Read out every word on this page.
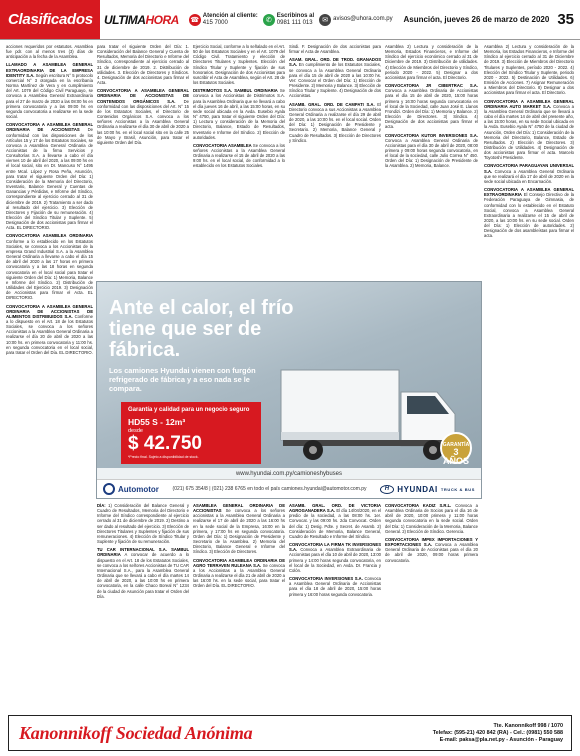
Clasificados ULTIMA HORA ☎
Atención al cliente:
415 7000	✆
Escribinos al
0981 111 013	✉ avisos@uhora.com.py Asunción, jueves 26 de marzo de 2020 35
acciones requeridos por estatutos. Asamblea fue pdr. con al menos tres (3) días de anticipación a la fecha de la Asamblea.
LLAMADO A ASAMBLEA GENERAL EXTRAORDINARIA DE LA EMPRESA IDENTITY S.A. Según escritura N° 5 protocolo comercial N° 3 otorgada en la escribanía Norma Martínez de Vera y en cumplimiento del Art. 1079 del Código Civil Paraguayo, se convoca a Asamblea General Extraordinaria para el 27 de marzo de 2020 a las 08:00 hs en primera convocatoria y a las 09:00 hs en segunda convocatoria a realizarse en la sede social.
CONVOCATORIA A ASAMBLEA GENERAL ORDINARIA DE ACCIONISTAS De conformidad con las disposiciones de los Artículos 15 y 17 de los Estatutos Sociales, se convoca a Asamblea General Ordinaria de Accionistas de la firma Servicios y Consultorías S.A. a llevarse a cabo el día viernes 10 de abril del 2020, a las 09:00 hs en el local social, sito en Dr. Mancuso N° 1495 entre Mcal. López y Rosa Peña, Asunción, para tratar el siguiente Orden del Día: 1) Consideración de la Memoria del Directorio, Inventario, Balance General y Cuentas de Ganancias y Pérdidas, e Informe del Síndico, correspondiente al ejercicio cerrado al 31 de diciembre de 2019. 2) Tratamiento a ser dado al resultado del ejercicio. 3) Elección de Directores y Fijación de su remuneración. 4) Elección del Síndico Titular y Suplente. 5) Designación de dos accionistas para firmar el Acta. EL DIRECTORIO.
CONVOCATORIA ASAMBLEA ORDINARIA Conforme a lo establecido en los Estatutos Sociales, se convoca a los Accionistas de la empresa Grand Industrial S.A. a la Asamblea General Ordinaria a llevarse a cabo el día 15 de abril del 2020 a las 17 horas en primera convocatoria y a las 18 horas en segunda convocatoria en el local social para tratar el siguiente Orden del Día: 1) Memoria, Balance e Informe del Síndico. 2) Distribución de Utilidades del Ejercicio 2019. 3) Designación de Accionistas para firmar el Acta. EL DIRECTORIO.
CONVOCATORIA A ASAMBLEA GENERAL ORDINARIA DE ACCIONISTAS DE ALIMENTOS DISTRIBUIDOS S.A. Conforme a lo dispuesto en el Art. 18 de los Estatutos Sociales, se convoca a los señores Accionistas a la Asamblea General Ordinaria a realizarse el día 20 de abril de 2020 a las 10:00 hs. en primera convocatoria y 11:00 hs. en segunda convocatoria en el local social, para tratar el Orden del Día. EL DIRECTORIO.
para tratar el siguiente Orden del Día: 1. Consideración del Balance General y Cuenta de Resultados, Memoria del Directorio e Informe del Síndico, correspondiente al ejercicio cerrado al 31 de diciembre de 2019. 2. Distribución de utilidades. 3. Elección de Directores y Síndicos. 4. Designación de dos accionistas para firmar el Acta.
CONVOCATORIA A ASAMBLEA GENERAL ORDINARIA DE ACCIONISTAS DE CONTENIDOS ORGÁNICOS S.A. De conformidad con las disposiciones del Art. N° 15 de los Estatutos Sociales, el Directorio de Contenidos Orgánicos S.A. convoca a los señores Accionistas a la Asamblea General Ordinaria a realizarse el día 30 de abril de 2020 a las 10:00 hs. en el local social sito en la calle 25 de Mayo y Brasil, Asunción, para tratar el siguiente Orden del Día.
DÍA: 1) Consideración del Balance General y Cuadro de Resultados, Memoria del Directorio e Informe del Síndico correspondiente al ejercicio cerrado al 31 de diciembre de 2019. 2) Destino a ser dado al resultado del ejercicio. 3) Elección de Directores Titulares y Suplentes y fijación de sus remuneraciones. 4) Elección de Síndico Titular y Suplente y fijación de su remuneración.
TU CAR INTERNACIONAL S.A. SAMBUL ORDINARIA A convocar de acuerdo a lo dispuesto en el Art. 18 de los Estatutos Sociales, se convoca a los señores Accionistas de TU CAR Internacional S.A., para la Asamblea General Ordinaria que se llevará a cabo el día martes 14 de abril de 2020, a las 10:00 hs en primera convocatoria, en la calle Chaco Boreal N° 1234 de la ciudad de Asunción para tratar el Orden del Día.
Ejercicio Social, conforme a lo señalado en el Art. 50 de los Estatutos Sociales y en el Art. 1079 del Código Civil. Tratamiento y elección de Directores Titulares y Suplentes. Elección del Síndico Titular y Suplente y fijación de sus honorarios. Designación de dos Accionistas para suscribir el Acta de Asamblea, según el Art. 28 de los Estatutos Sociales.
DISTRIMOTOS S.A. SAMBUL ORDINARIA Se convoca a los Accionistas de Distrimotos S.A. para la Asamblea Ordinaria que se llevará a cabo el día jueves 16 de abril, a las 15:00 horas, en su sede social ubicada en la Avda. Eusebio Ayala N° 4750, para tratar el siguiente Orden del Día: 1) Lectura y consideración de la Memoria del Directorio, Balance, Estado de Resultados, Inventario e Informe del Síndico. 2) Elección de autoridades.
CONVOCATORIA ASAMBLEA Se convoca a los señores Accionistas a la Asamblea General Ordinaria a realizarse el 15 de abril de 2020 a las 9:00 hs. en el local social, de conformidad a lo establecido en los Estatutos Sociales.
ASAMBLEA GENERAL ORDINARIA DE ACCIONISTAS Se convoca a los señores accionistas a la Asamblea General Ordinaria a realizarse el 17 de abril de 2020 a las 16:00 hs en la sede social de la Empresa, 16:00 en la primera, y 17:00 hs en segunda convocatoria. Orden del Día: 1) Designación de Presidente y Secretario de la Asamblea. 2) Memoria del Directorio, Balance General e Informe del Síndico. 3) Elección de Directores.
CONVOCATORIA ASAMBLEA ORDINARIA DE AGRO TERRAVEN RULEANA S.A. Se convoca a los Accionistas a la Asamblea General Ordinaria a realizarse el día 21 de abril de 2020 a las 16:00 hs. en la sede social, para tratar el Orden del Día. EL DIRECTORIO.
Sindi. F. Designación de dos accionistas para firmar el Acta de Asamblea.
ASAM. GRAL. ORD. DE TROD. GRANADOS S.A. En cumplimiento de los Estatutos Sociales, se convoca a la Asamblea General Ordinaria para el día 15 de abril de 2020 a las 10:00 hs. Ver: Convocar el Orden del Día: 1) Elección de Presidente. 2) Memoria y Balance. 3) Elección de Síndico Titular y Suplente. 4) Designación de dos Accionistas.
ASAMB. GRAL. ORD. DE CAMPATI S.A. El Directorio convoca a sus Accionistas a Asamblea General Ordinaria a realizarse el día 29 de abril de 2020, a las 10:00 hs. en el local social. Orden del Día: 1) Designación de Presidente y Secretario. 2) Memoria, Balance General y Cuadro de Resultados. 3) Elección de Directores y Síndico.
ASAMB. GRAL. ORD. DE VICTORIA AGROGANADERA S.A. El día 14/04/2020, en el predio de la sociedad, a las 08:00 hs. 1er. Convocat. y las 09:00 hs. 2da Convocat. Orden del día: 1) Desig. Pdte. y Secret. de Asamb. 2) Consideración de Memoria, Balance General, Cuadro de Resultado e Informe del Síndico.
CONVOCATORIA LA FIRMA TK INVERSIONES S.A. Convoca a Asamblea Extraordinaria de Accionistas para el día 10 de abril de 2020, 13:00 primera y 14:00 horas segunda convocatoria, en el local de la Sociedad, en Avda. Dr. Francia y Colón.
CONVOCATORIA INVERSIONES S.A. Convoca a Asamblea General Ordinaria de Accionistas para el día 18 de abril de 2020, 15:00 horas primera y 16:00 horas segunda convocatoria.
Asamblea 2) Lectura y consideración de la Memoria, Estados Financieros, e Informe del Síndico del ejercicio económico cerrado al 31 de Diciembre de 2019. 3) Distribución de utilidades. 4) Elección de Miembros del Directorio y Síndico, periodo 2020 - 2022. 5) Designar a dos accionistas para firmar el acta. El Directorio.
CONVOCATORIA JR CIBERTRAC S.A. Convoca a Asamblea Ordinaria de Accionistas para el día 15 de abril de 2020, 15:00 horas primera y 16:00 horas segunda convocatoria en el local de la Sociedad, calle Juan José E. Llanos Frondizi. Orden del Día: 1) Memoria y Balance. 2) Elección de Directores. 3) Síndico. 4) Designación de dos accionistas para firmar el acta.
CONVOCATORIA KUTOR INVERSIONES S.A. Convoca a Asamblea General Ordinaria de Accionistas para el día 30 de abril de 2020, 08:00 primera y 09:00 horas segunda convocatoria, en el local de la sociedad, calle Julio Correa N° 450. Orden del Día: 1) Designación de Presidente de la Asamblea. 2) Memoria, Balance.
CONVOCATORIA KADIZ S.R.L. Convoca a Asamblea Ordinaria de Socios para el día 16 de abril de 2020, 10:00 primera y 11:00 horas segunda convocatoria en la sede social. Orden del Día: 1) Consideración de la Memoria, Balance General. 2) Elección de Síndico. Gerencia.
CONVOCATORIA IMPEX IMPORTACIONES Y EXPORTACIONES S.A. Convoca a Asamblea General Ordinaria de Accionistas para el día 20 de abril de 2020, 09:00 horas primera convocatoria.
Asamblea 2) Lectura y consideración de la Memoria, los Estados Financieros, e Informe del Síndico al ejercicio cerrado al 31 de Diciembre de 2019. 3) Elección de Miembros del Directorio Titulares y Suplentes, período 2020 - 2022. 4) Elección del Síndico Titular y Suplente, periodo 2020 - 2022. 5) Destinación de Utilidades. 6) Emisión de Acciones. 7) Asignar Remuneración a Miembros del Directorio. 8) Designar a dos accionistas para firmar el acta. El Directorio.
CONVOCATORIA A ASAMBLEA GENERAL ORDINARIA AUTO MARKET S.A. Convoca a la Asamblea General Ordinaria que se llevará a cabo el día martes 14 de abril del presente año, a las 15:00 horas, en su sede Social ubicada en la Avda. Eusebio Ayala N° 4750 de la ciudad de Asunción, Orden del Día: 1) Consideración de la Memoria del Directorio, Balance, Estado de Resultados. 2) Elección de Directores. 3) Distribución de Utilidades. 4) Designación de dos accionistas para firmar el acta. Marcelo Toyotoshi Presidente.
CONVOCATORIA PARAGUAYAN UNIVERSAL S.A. Convoca a Asamblea General Ordinaria que se realizará el día 17 de abril de 2020 en la sede social ubicada en Encarnación.
CONVOCATORIA A ASAMBLEA GENERAL EXTRAORDINARIA El Consejo Directivo de la Federación Paraguaya de Gimnasia, de conformidad con lo establecido en el Estatuto Social, convoca a Asamblea General Extraordinaria a realizarse el 15 de abril de 2020, a las 10:00 hs. en su sede social. Orden del Día: 1) Elección de autoridades. 2) Designación de dos asambleístas para firmar el acta.
Ante el calor, el frío tiene que ser de fábrica.
Los camiones Hyundai vienen con furgón refrigerado de fábrica y a eso nada se le compara.
Garantía y calidad para un negocio seguro
HD55 S - 12m³
desde
$ 42.750
*Precio final. Sujeto a disponibilidad de stock.
GARANTÍA
3 AÑOS
www.hyundai.com.py/camioneshybuses
Automotor	(021) 675 354/8 | (021) 238 6765 en todo el país camiones.hyundai@automotor.com.py	H HYUNDAI TRUCK & BUS
Kanonnikoff Sociedad Anónima	Tte. Kanonnikoff 998 / 1070
Telefax: (595-21) 420 842 (RA) - Cel.: (0981) 550 588
E-mail: paksa@pla.net.py - Asunción - Paraguay
